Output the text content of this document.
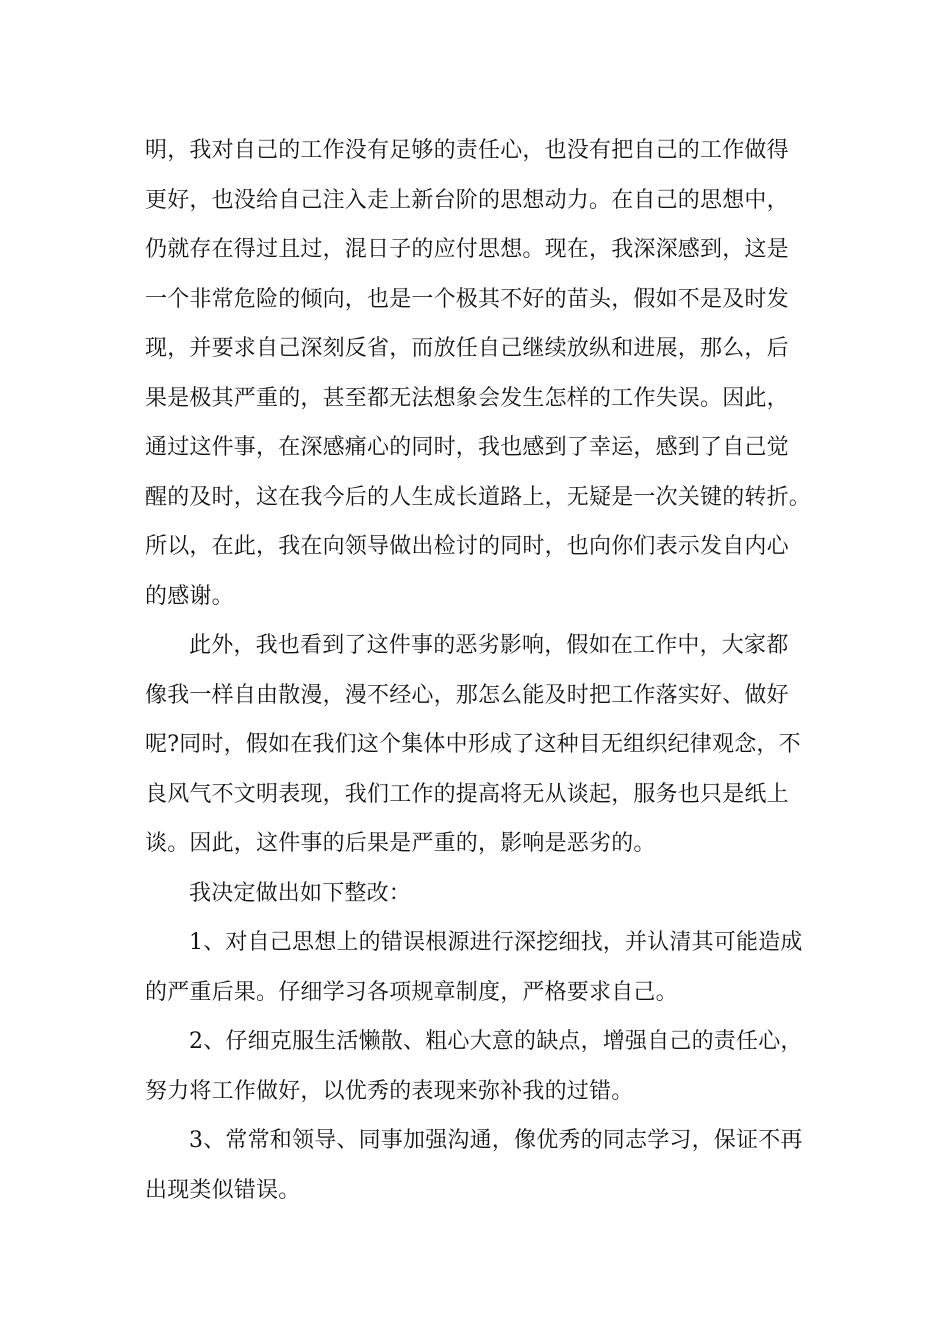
明，我对自己的工作没有足够的责任心，也没有把自己的工作做得
更好，也没给自己注入走上新台阶的思想动力。在自己的思想中，
仍就存在得过且过，混日子的应付思想。现在，我深深感到，这是
一个非常危险的倾向，也是一个极其不好的苗头，假如不是及时发
现，并要求自己深刻反省，而放任自己继续放纵和进展，那么，后
果是极其严重的，甚至都无法想象会发生怎样的工作失误。因此，
通过这件事，在深感痛心的同时，我也感到了幸运，感到了自己觉
醒的及时，这在我今后的人生成长道路上，无疑是一次关键的转折。
所以，在此，我在向领导做出检讨的同时，也向你们表示发自内心
的感谢。
此外，我也看到了这件事的恶劣影响，假如在工作中，大家都
像我一样自由散漫，漫不经心，那怎么能及时把工作落实好、做好
呢?同时，假如在我们这个集体中形成了这种目无组织纪律观念，不
良风气不文明表现，我们工作的提高将无从谈起，服务也只是纸上
谈。因此，这件事的后果是严重的，影响是恶劣的。
我决定做出如下整改：
1、对自己思想上的错误根源进行深挖细找，并认清其可能造成
的严重后果。仔细学习各项规章制度，严格要求自己。
2、仔细克服生活懒散、粗心大意的缺点，增强自己的责任心，
努力将工作做好，以优秀的表现来弥补我的过错。
3、常常和领导、同事加强沟通，像优秀的同志学习，保证不再
出现类似错误。
